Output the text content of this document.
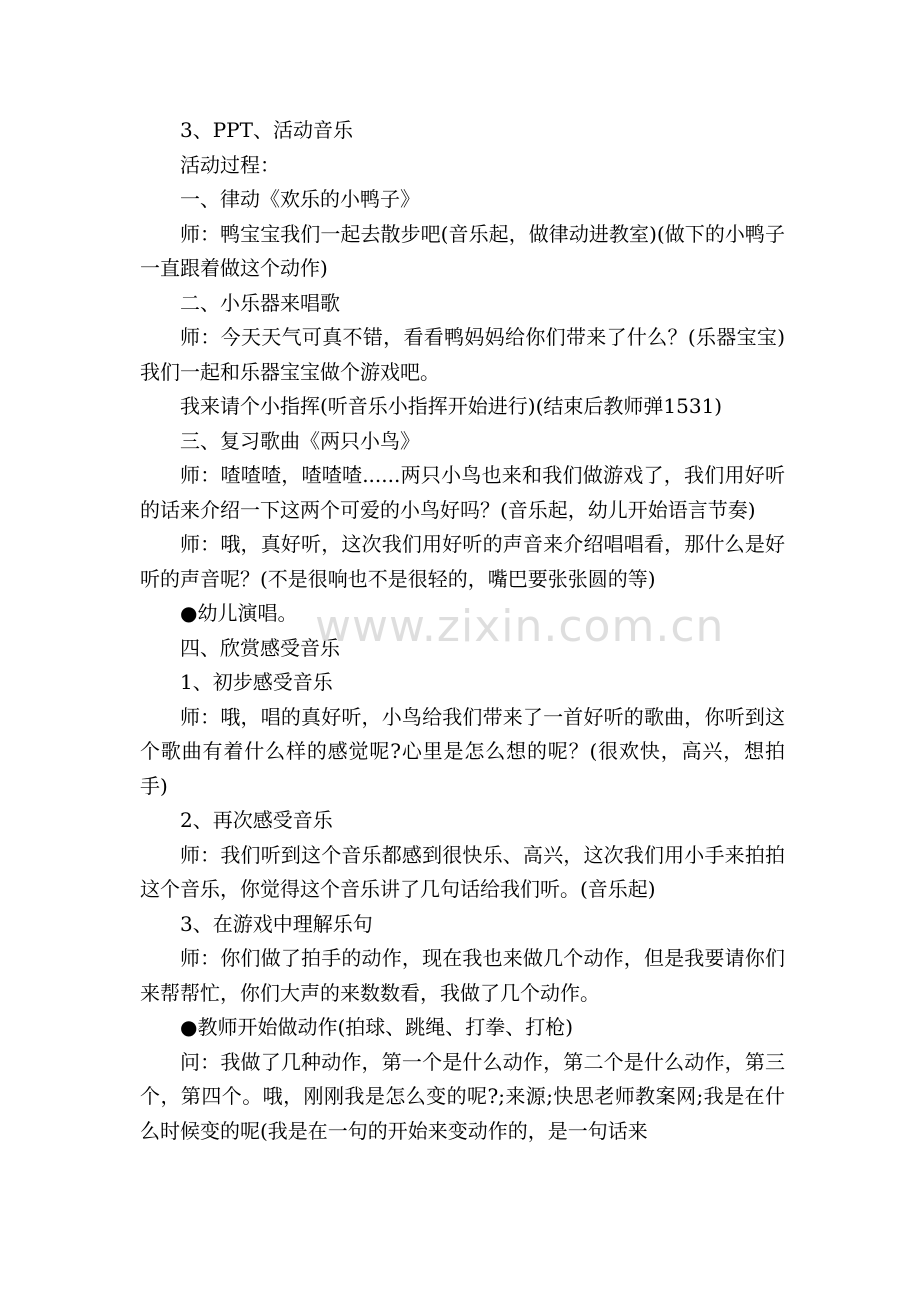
3、PPT、活动音乐

活动过程：

一、律动《欢乐的小鸭子》

师：鸭宝宝我们一起去散步吧(音乐起，做律动进教室)(做下的小鸭子一直跟着做这个动作)

二、小乐器来唱歌

师：今天天气可真不错，看看鸭妈妈给你们带来了什么？(乐器宝宝)我们一起和乐器宝宝做个游戏吧。

我来请个小指挥(听音乐小指挥开始进行)(结束后教师弹1531)

三、复习歌曲《两只小鸟》

师：喳喳喳，喳喳喳......两只小鸟也来和我们做游戏了，我们用好听的话来介绍一下这两个可爱的小鸟好吗？(音乐起，幼儿开始语言节奏)

师：哦，真好听，这次我们用好听的声音来介绍唱唱看，那什么是好听的声音呢？(不是很响也不是很轻的，嘴巴要张张圆的等)

●幼儿演唱。

四、欣赏感受音乐

1、初步感受音乐

师：哦，唱的真好听，小鸟给我们带来了一首好听的歌曲，你听到这个歌曲有着什么样的感觉呢?心里是怎么想的呢？(很欢快，高兴，想拍手)

2、再次感受音乐

师：我们听到这个音乐都感到很快乐、高兴，这次我们用小手来拍拍这个音乐，你觉得这个音乐讲了几句话给我们听。(音乐起)

3、在游戏中理解乐句

师：你们做了拍手的动作，现在我也来做几个动作，但是我要请你们来帮帮忙，你们大声的来数数看，我做了几个动作。

●教师开始做动作(拍球、跳绳、打拳、打枪)

问：我做了几种动作，第一个是什么动作，第二个是什么动作，第三个，第四个。哦，刚刚我是怎么变的呢?;来源;快思老师教案网;我是在什么时候变的呢(我是在一句的开始来变动作的，是一句话来

www.zixin.com.cn
